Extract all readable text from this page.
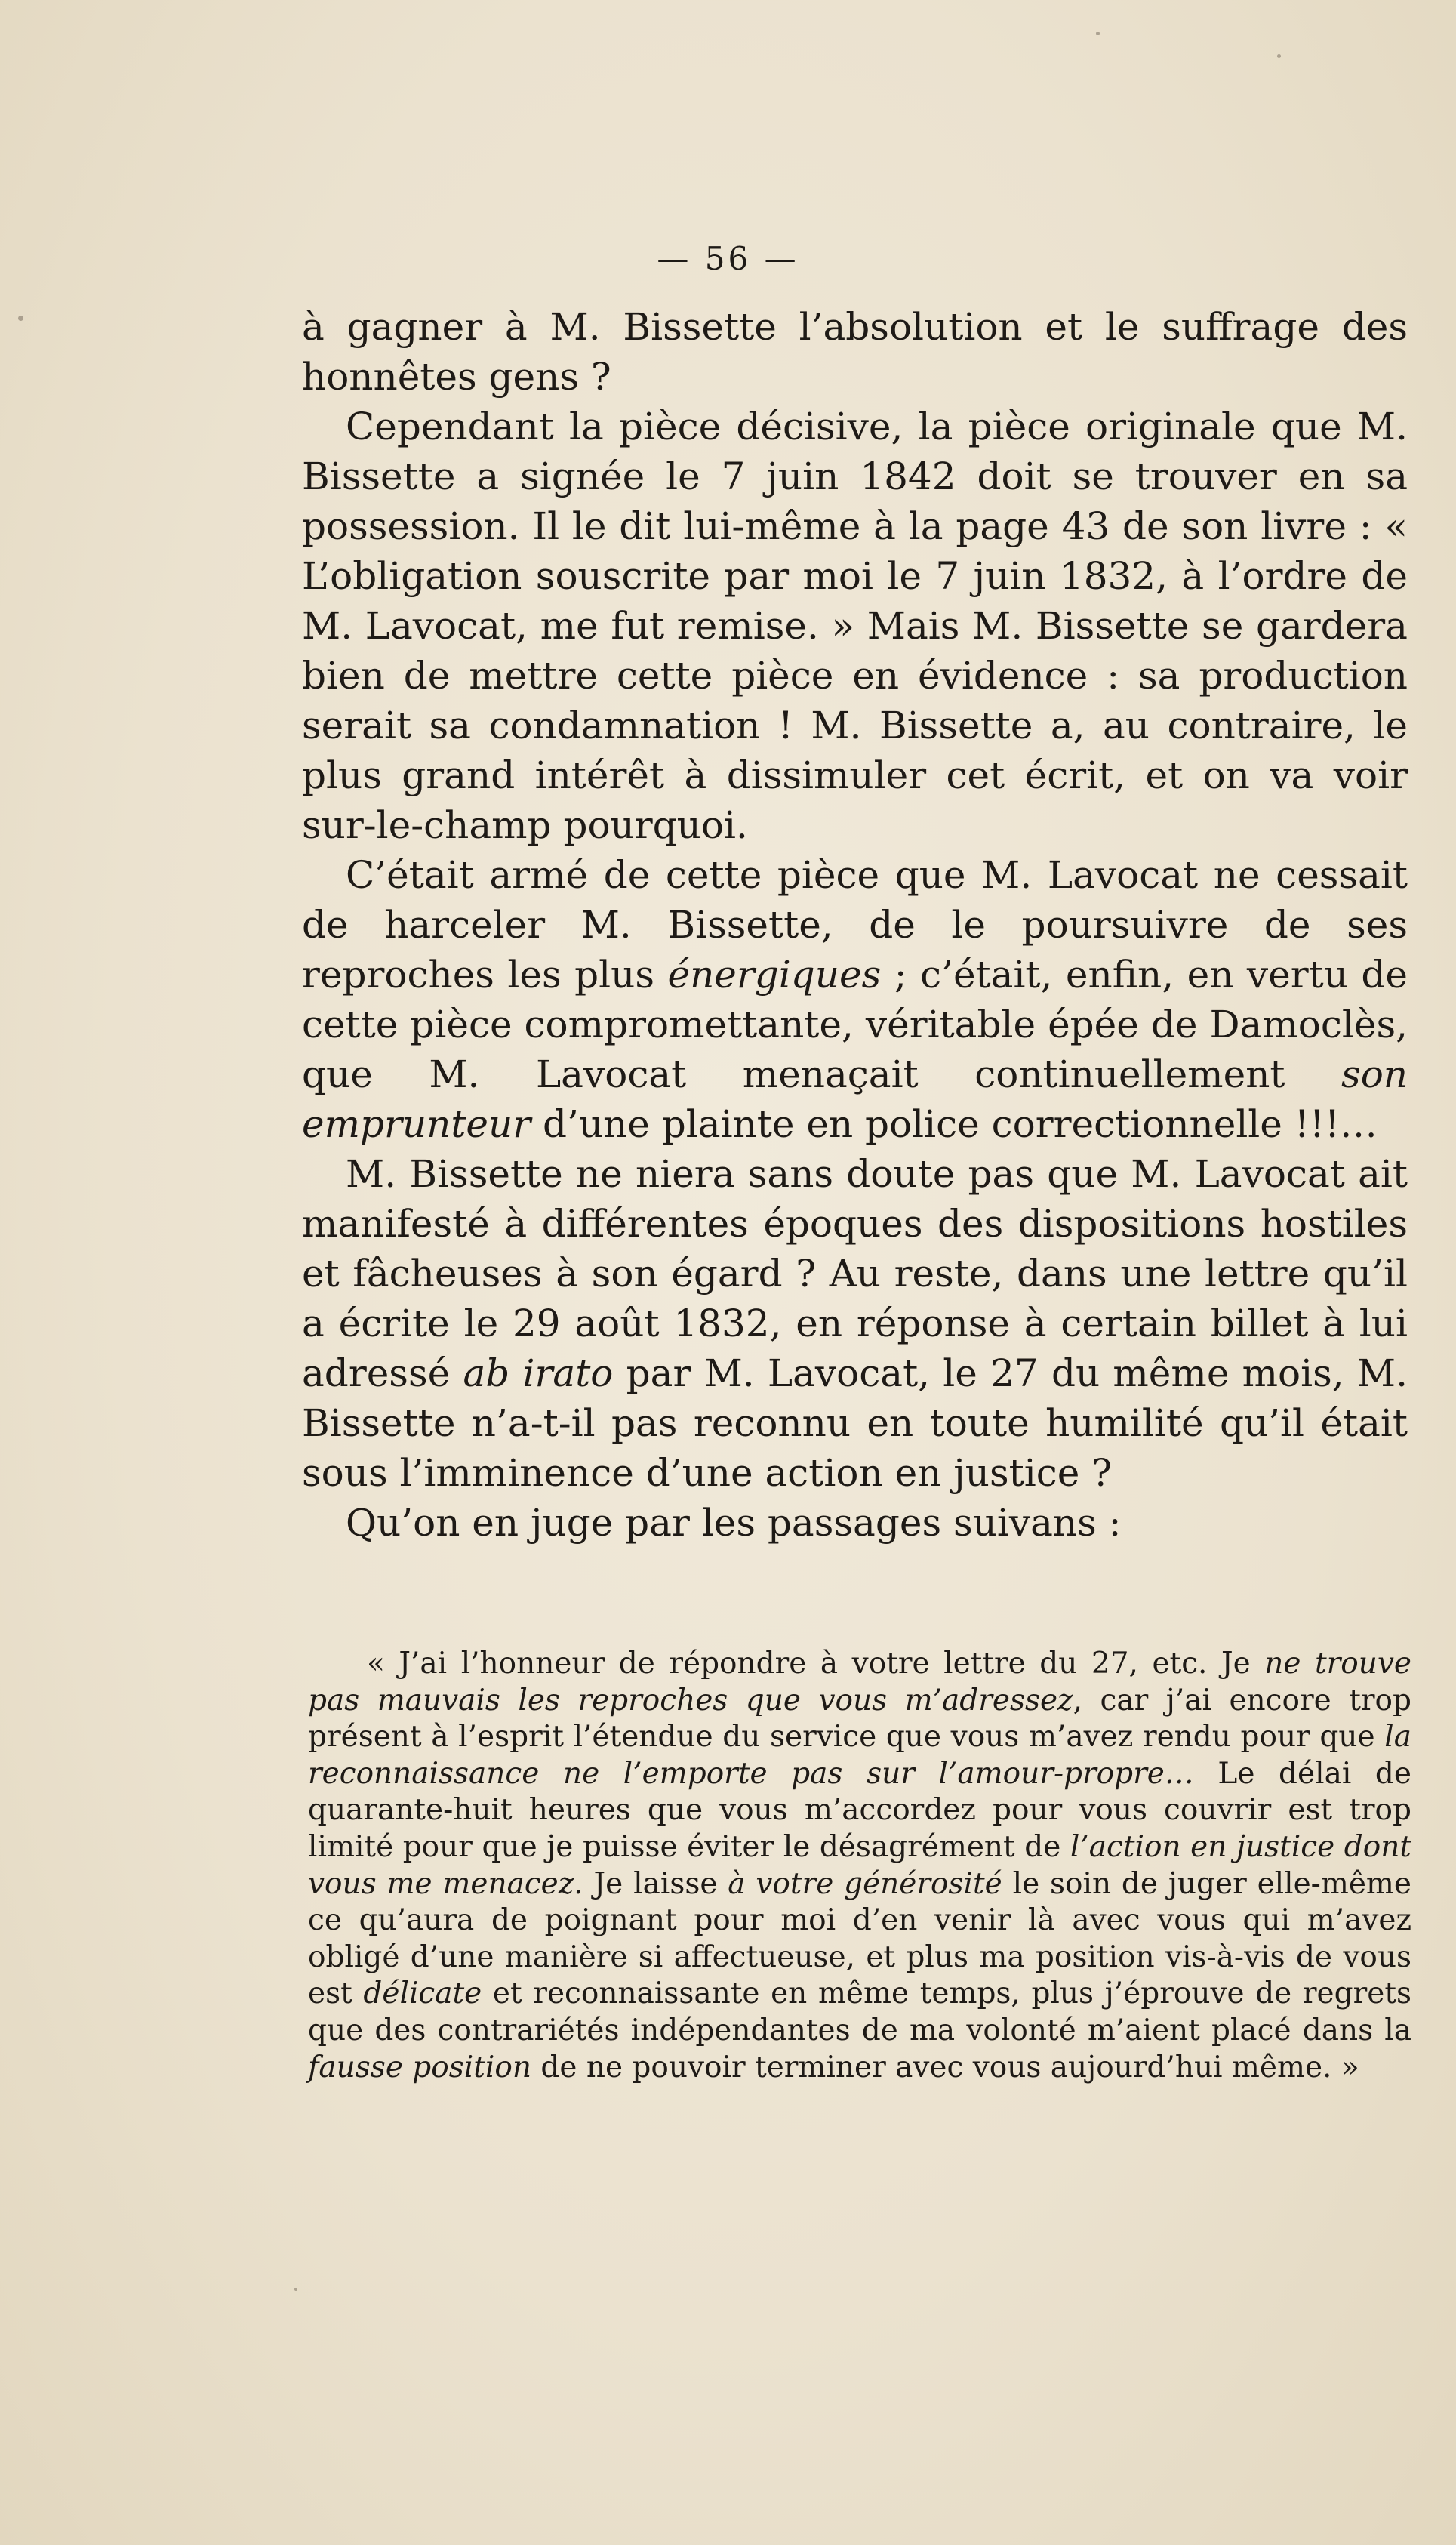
— 56 —

à gagner à M. Bissette l’absolution et le suffrage des honnêtes gens ?

Cependant la pièce décisive, la pièce originale que M. Bissette a signée le 7 juin 1842 doit se trouver en sa possession. Il le dit lui-même à la page 43 de son livre : « L’obligation souscrite par moi le 7 juin 1832, à l’ordre de M. Lavocat, me fut remise. » Mais M. Bissette se gardera bien de mettre cette pièce en évidence : sa production serait sa condamnation ! M. Bissette a, au contraire, le plus grand intérêt à dissimuler cet écrit, et on va voir sur-le-champ pourquoi.

C’était armé de cette pièce que M. Lavocat ne cessait de harceler M. Bissette, de le poursuivre de ses reproches les plus énergiques ; c’était, enfin, en vertu de cette pièce compromettante, véritable épée de Damoclès, que M. Lavocat menaçait continuellement son emprunteur d’une plainte en police correctionnelle !!!…

M. Bissette ne niera sans doute pas que M. Lavocat ait manifesté à différentes époques des dispositions hostiles et fâcheuses à son égard ? Au reste, dans une lettre qu’il a écrite le 29 août 1832, en réponse à certain billet à lui adressé ab irato par M. Lavocat, le 27 du même mois, M. Bissette n’a-t-il pas reconnu en toute humilité qu’il était sous l’imminence d’une action en justice ?

Qu’on en juge par les passages suivans :

« J’ai l’honneur de répondre à votre lettre du 27, etc. Je ne trouve pas mauvais les reproches que vous m’adressez, car j’ai encore trop présent à l’esprit l’étendue du service que vous m’avez rendu pour que la reconnaissance ne l’emporte pas sur l’amour-propre… Le délai de quarante-huit heures que vous m’accordez pour vous couvrir est trop limité pour que je puisse éviter le désagrément de l’action en justice dont vous me menacez. Je laisse à votre générosité le soin de juger elle-même ce qu’aura de poignant pour moi d’en venir là avec vous qui m’avez obligé d’une manière si affectueuse, et plus ma position vis-à-vis de vous est délicate et reconnaissante en même temps, plus j’éprouve de regrets que des contrariétés indépendantes de ma volonté m’aient placé dans la fausse position de ne pouvoir terminer avec vous aujourd’hui même. »
